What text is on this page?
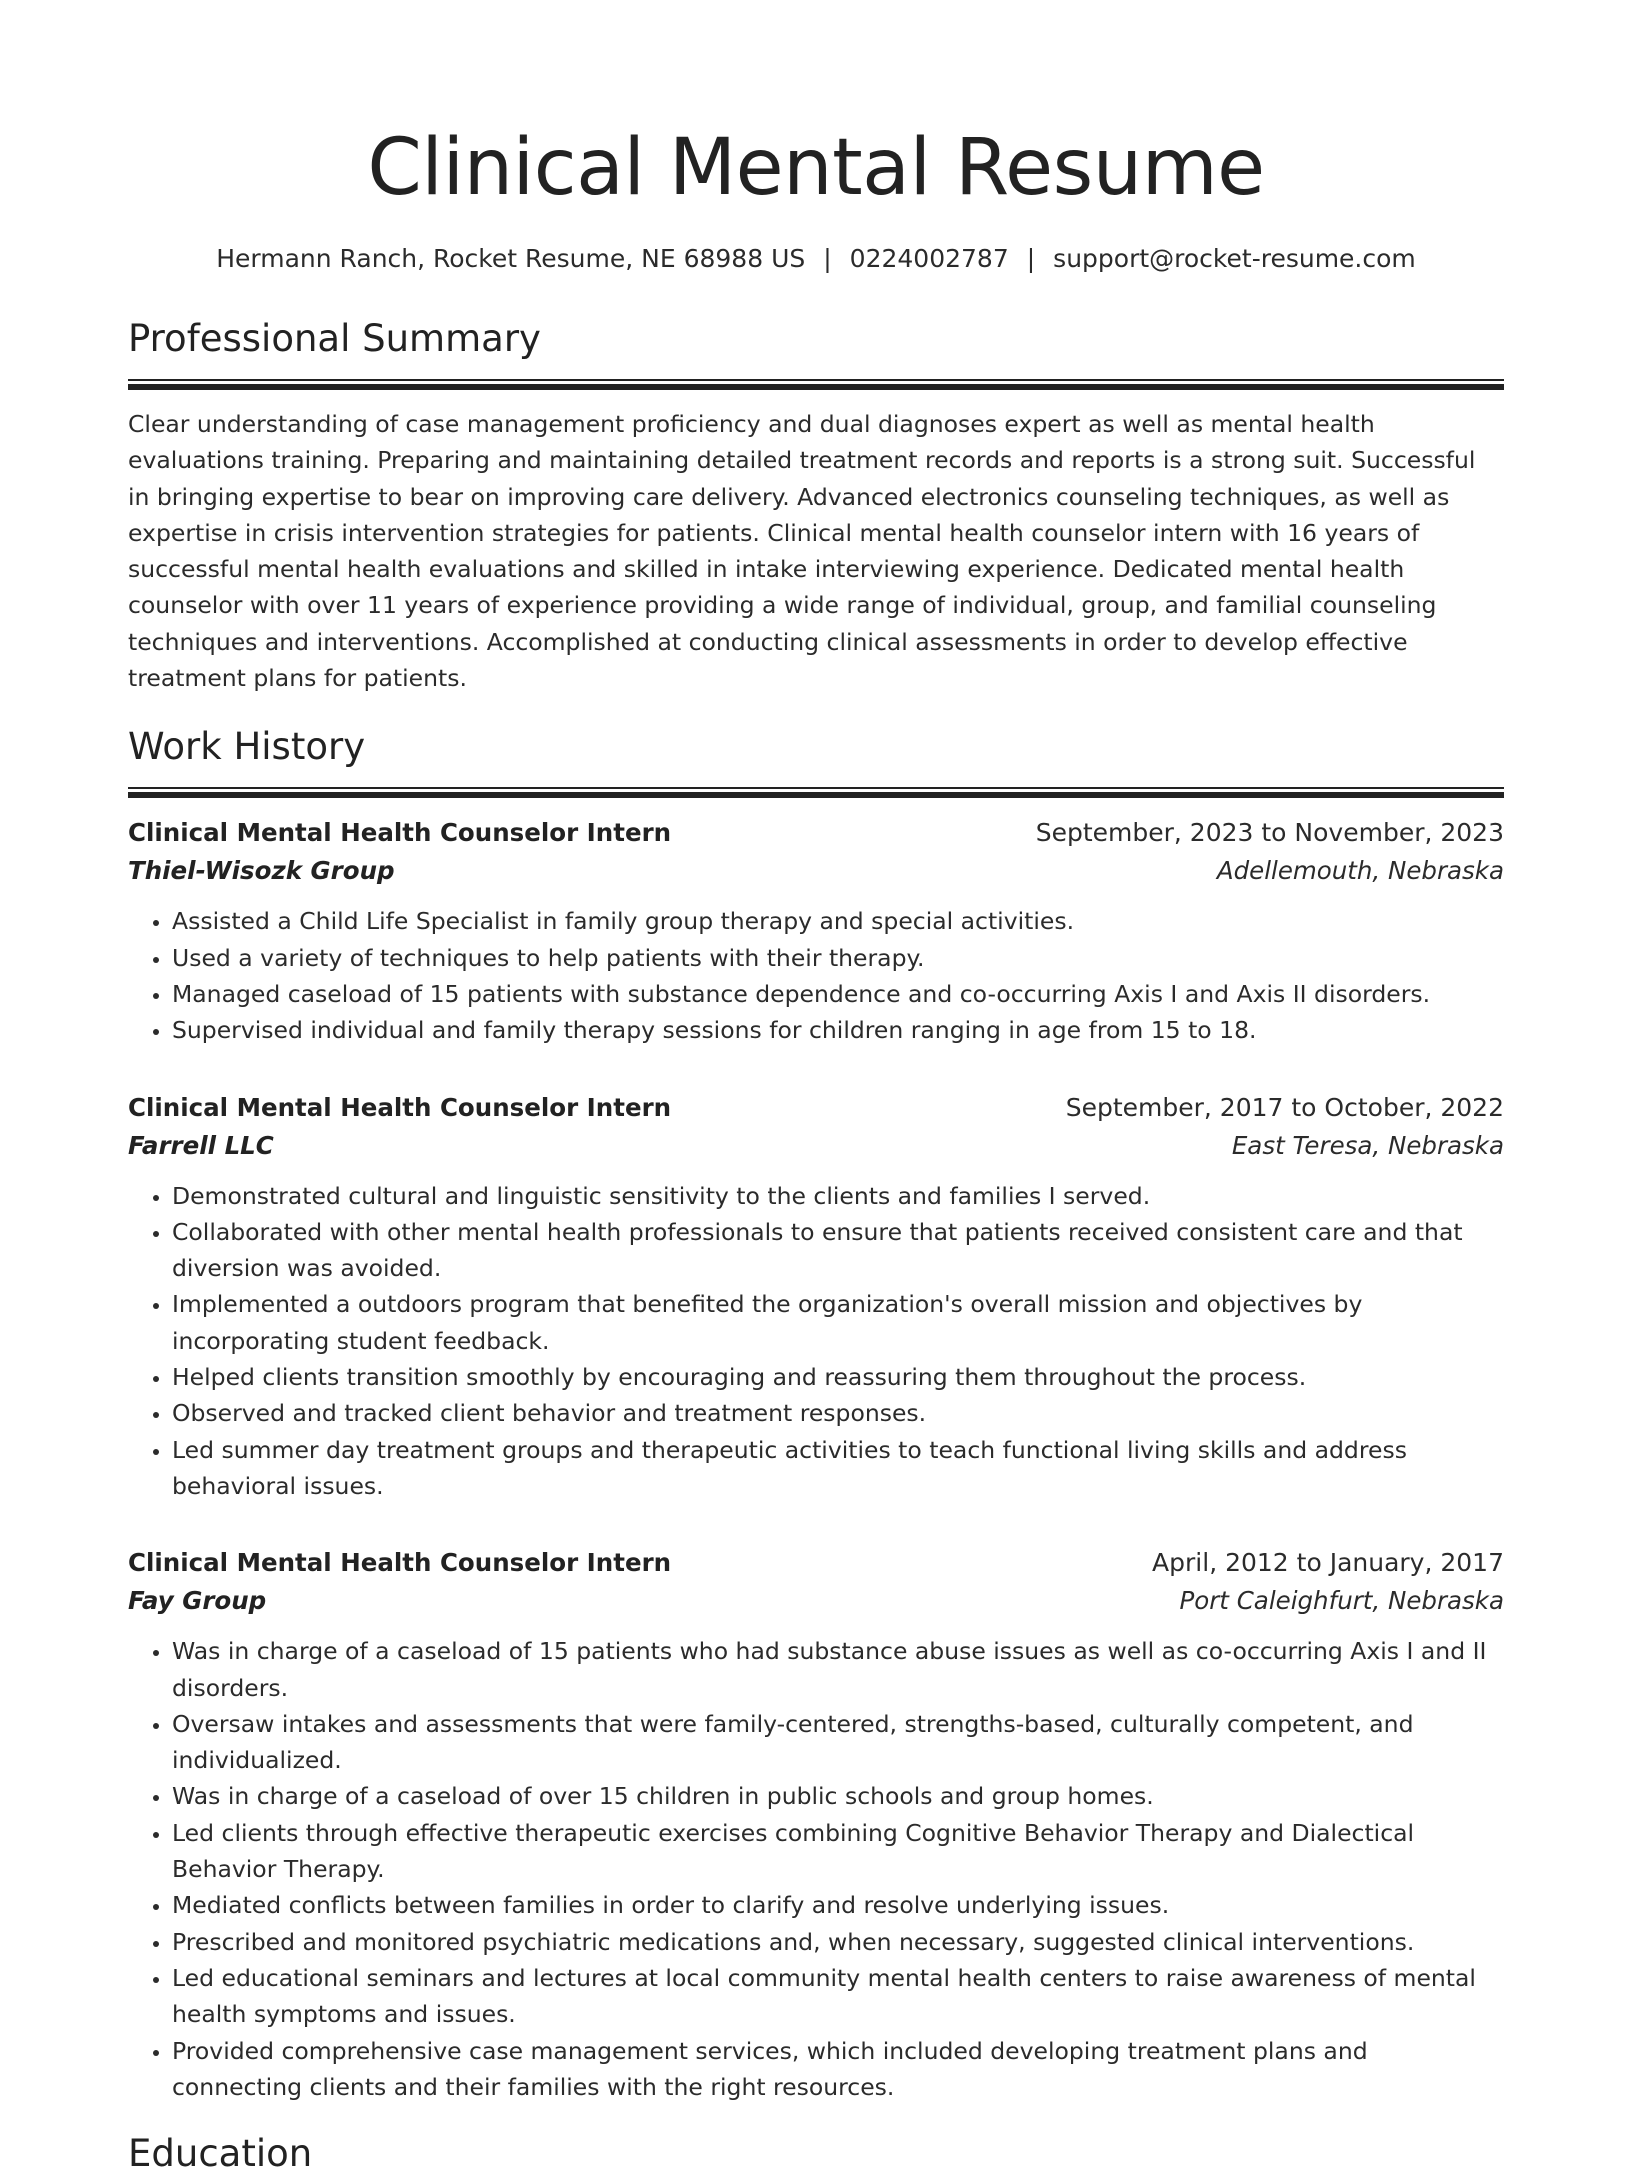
Clinical Mental Resume
Hermann Ranch, Rocket Resume, NE 68988 US | 0224002787 | support@rocket-resume.com
Professional Summary

Clear understanding of case management proficiency and dual diagnoses expert as well as mental health evaluations training. Preparing and maintaining detailed treatment records and reports is a strong suit. Successful in bringing expertise to bear on improving care delivery. Advanced electronics counseling techniques, as well as expertise in crisis intervention strategies for patients. Clinical mental health counselor intern with 16 years of successful mental health evaluations and skilled in intake interviewing experience. Dedicated mental health counselor with over 11 years of experience providing a wide range of individual, group, and familial counseling techniques and interventions. Accomplished at conducting clinical assessments in order to develop effective treatment plans for patients.

Work History
Clinical Mental Health Counselor Intern	September, 2023 to November, 2023
Thiel-Wisozk Group	Adellemouth, Nebraska
• Assisted a Child Life Specialist in family group therapy and special activities.
• Used a variety of techniques to help patients with their therapy.
• Managed caseload of 15 patients with substance dependence and co-occurring Axis I and Axis II disorders.
• Supervised individual and family therapy sessions for children ranging in age from 15 to 18.
Clinical Mental Health Counselor Intern	September, 2017 to October, 2022
Farrell LLC	East Teresa, Nebraska
• Demonstrated cultural and linguistic sensitivity to the clients and families I served.
• Collaborated with other mental health professionals to ensure that patients received consistent care and that diversion was avoided.
• Implemented a outdoors program that benefited the organization's overall mission and objectives by incorporating student feedback.
• Helped clients transition smoothly by encouraging and reassuring them throughout the process.
• Observed and tracked client behavior and treatment responses.
• Led summer day treatment groups and therapeutic activities to teach functional living skills and address behavioral issues.
Clinical Mental Health Counselor Intern	April, 2012 to January, 2017
Fay Group	Port Caleighfurt, Nebraska
• Was in charge of a caseload of 15 patients who had substance abuse issues as well as co-occurring Axis I and II disorders.
• Oversaw intakes and assessments that were family-centered, strengths-based, culturally competent, and individualized.
• Was in charge of a caseload of over 15 children in public schools and group homes.
• Led clients through effective therapeutic exercises combining Cognitive Behavior Therapy and Dialectical Behavior Therapy.
• Mediated conflicts between families in order to clarify and resolve underlying issues.
• Prescribed and monitored psychiatric medications and, when necessary, suggested clinical interventions.
• Led educational seminars and lectures at local community mental health centers to raise awareness of mental health symptoms and issues.
• Provided comprehensive case management services, which included developing treatment plans and connecting clients and their families with the right resources.
Education
